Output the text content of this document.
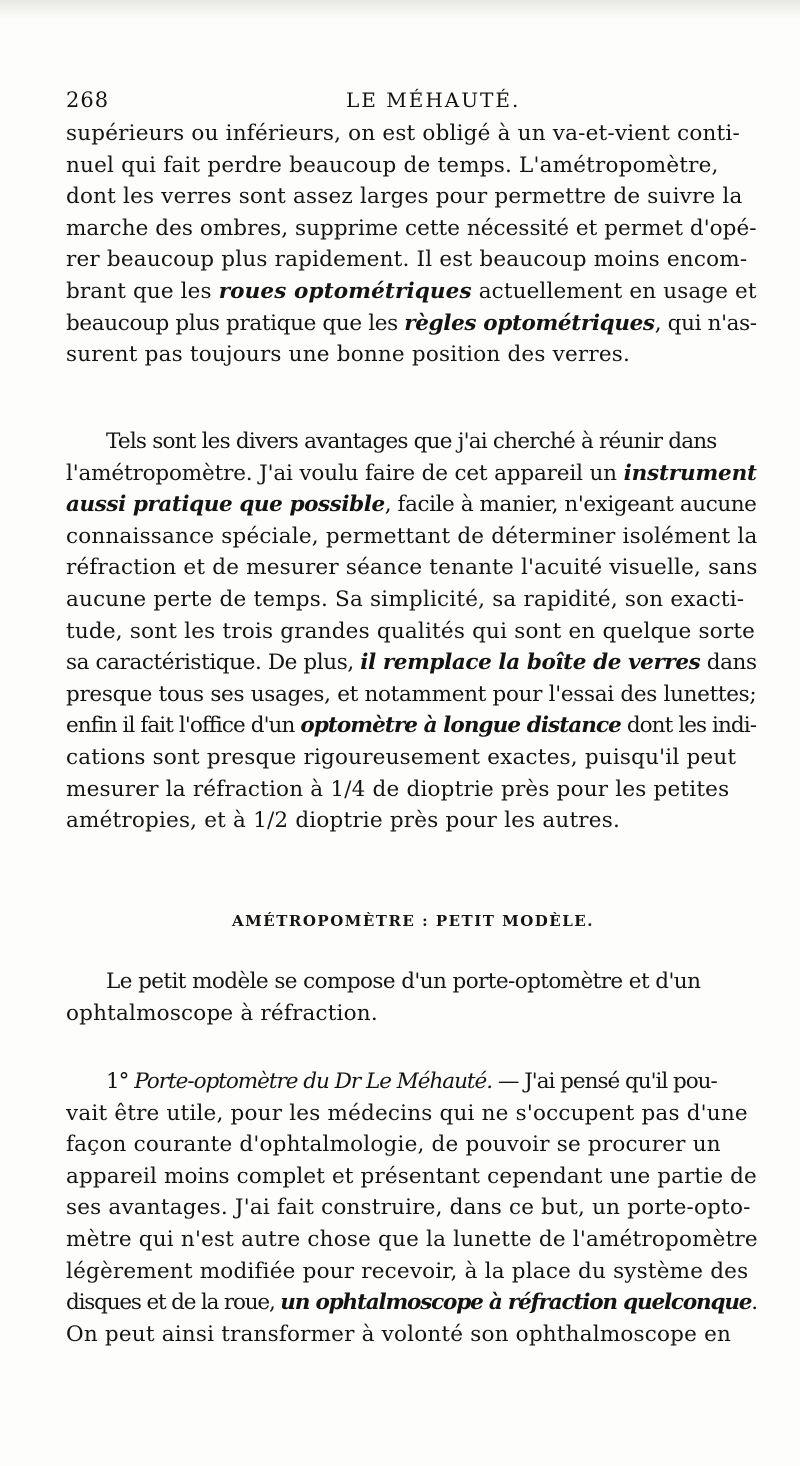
268	LE MÉHAUTÉ.
supérieurs ou inférieurs, on est obligé à un va-et-vient conti-
nuel qui fait perdre beaucoup de temps. L'amétropomètre,
dont les verres sont assez larges pour permettre de suivre la
marche des ombres, supprime cette nécessité et permet d'opé-
rer beaucoup plus rapidement. Il est beaucoup moins encom-
brant que les roues optométriques actuellement en usage et
beaucoup plus pratique que les règles optométriques, qui n'as-
surent pas toujours une bonne position des verres.
Tels sont les divers avantages que j'ai cherché à réunir dans
l'amétropomètre. J'ai voulu faire de cet appareil un instrument
aussi pratique que possible, facile à manier, n'exigeant aucune
connaissance spéciale, permettant de déterminer isolément la
réfraction et de mesurer séance tenante l'acuité visuelle, sans
aucune perte de temps. Sa simplicité, sa rapidité, son exacti-
tude, sont les trois grandes qualités qui sont en quelque sorte
sa caractéristique. De plus, il remplace la boîte de verres dans
presque tous ses usages, et notamment pour l'essai des lunettes;
enfin il fait l'office d'un optomètre à longue distance dont les indi-
cations sont presque rigoureusement exactes, puisqu'il peut
mesurer la réfraction à 1/4 de dioptrie près pour les petites
amétropies, et à 1/2 dioptrie près pour les autres.
AMÉTROPOMÈTRE : PETIT MODÈLE.
Le petit modèle se compose d'un porte-optomètre et d'un
ophtalmoscope à réfraction.
1° Porte-optomètre du Dr Le Méhauté. — J'ai pensé qu'il pou-
vait être utile, pour les médecins qui ne s'occupent pas d'une
façon courante d'ophtalmologie, de pouvoir se procurer un
appareil moins complet et présentant cependant une partie de
ses avantages. J'ai fait construire, dans ce but, un porte-opto-
mètre qui n'est autre chose que la lunette de l'amétropomètre
légèrement modifiée pour recevoir, à la place du système des
disques et de la roue, un ophtalmoscope à réfraction quelconque.
On peut ainsi transformer à volonté son ophthalmoscope en
